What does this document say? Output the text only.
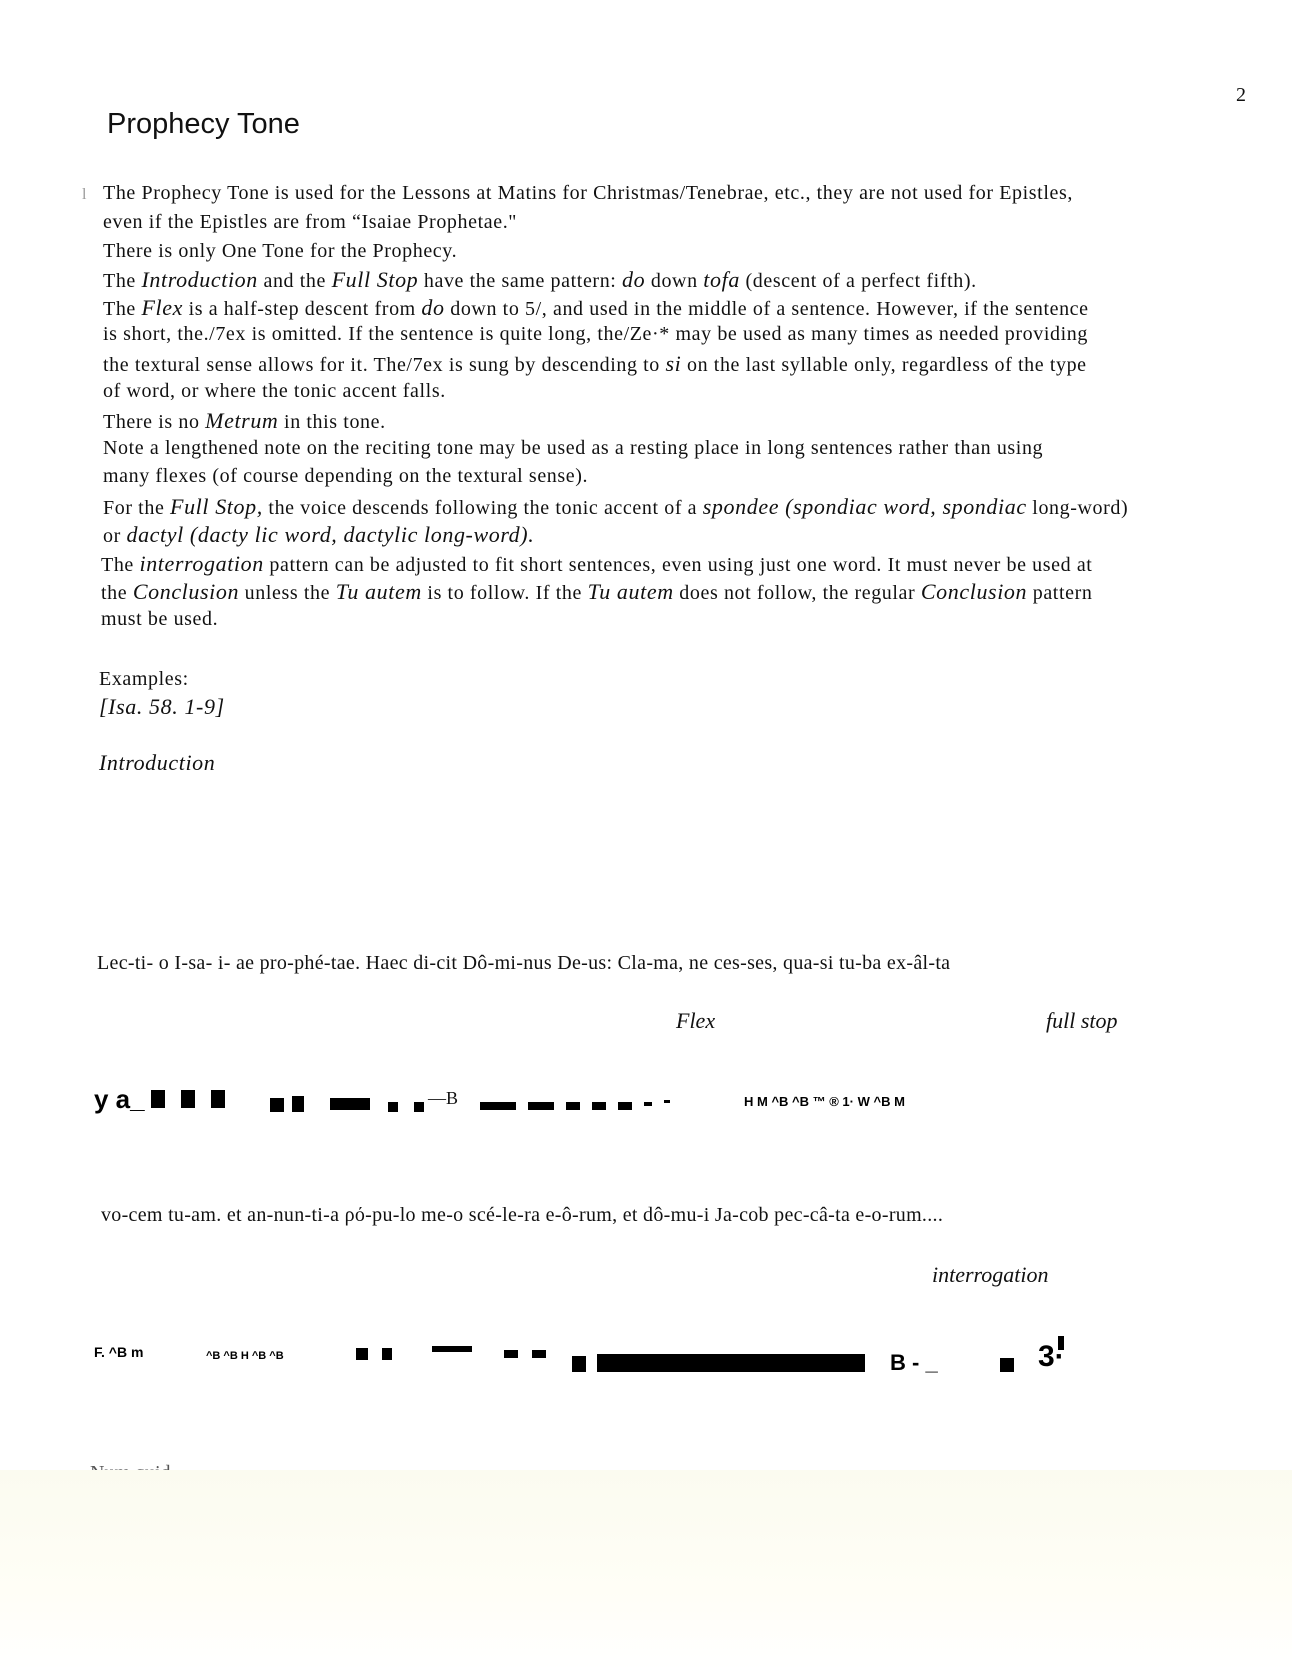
2
Prophecy Tone
l The Prophecy Tone is used for the Lessons at Matins for Christmas/Tenebrae, etc., they are not used for Epistles,
even if the Epistles are from “Isaiae Prophetae."
There is only One Tone for the Prophecy.
The Introduction and the Full Stop have the same pattern: do down tofa (descent of a perfect fifth).
The Flex is a half-step descent from do down to 5/, and used in the middle of a sentence. However, if the sentence
is short, the./7ex is omitted. If the sentence is quite long, the/Ze·* may be used as many times as needed providing
the textural sense allows for it. The/7ex is sung by descending to si on the last syllable only, regardless of the type
of word, or where the tonic accent falls.
There is no Metrum in this tone.
Note a lengthened note on the reciting tone may be used as a resting place in long sentences rather than using
many flexes (of course depending on the textural sense).
For the Full Stop, the voice descends following the tonic accent of a spondee (spondiac word, spondiac long-word)
or dactyl (dacty lic word, dactylic long-word).
The interrogation pattern can be adjusted to fit short sentences, even using just one word. It must never be used at
the Conclusion unless the Tu autem is to follow. If the Tu autem does not follow, the regular Conclusion pattern
must be used.
Examples:
[Isa. 58. 1-9]
Introduction
Lec-ti- o I-sa- i- ae pro-phé-tae. Haec di-cit Dô-mi-nus De-us: Cla-ma, ne ces-ses, qua-si tu-ba ex-âl-ta
Flex	full stop
y a_	—B	H M ^B ^B ™ ® 1· W ^B M
vo-cem tu-am. et an-nun-ti-a ρό-pu-lo me-o scé-le-ra e-ô-rum, et dô-mu-i Ja-cob pec-câ-ta e-o-rum....
interrogation
F. ^B m	^B ^B H ^B ^B	B - _	3·
